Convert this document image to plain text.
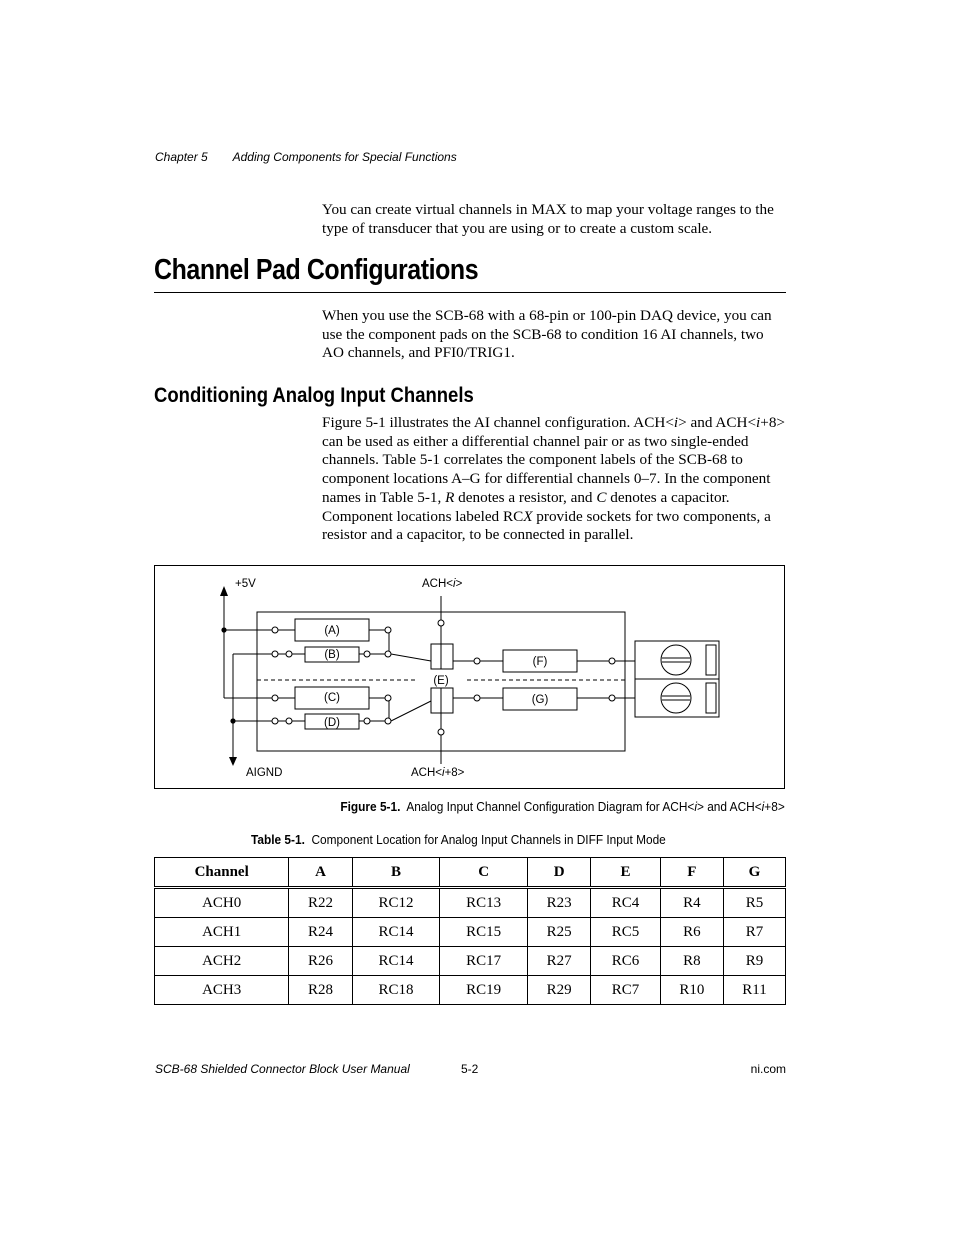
Chapter 5 Adding Components for Special Functions
You can create virtual channels in MAX to map your voltage ranges to the type of transducer that you are using or to create a custom scale.
Channel Pad Configurations
When you use the SCB-68 with a 68-pin or 100-pin DAQ device, you can use the component pads on the SCB-68 to condition 16 AI channels, two AO channels, and PFI0/TRIG1.
Conditioning Analog Input Channels
Figure 5-1 illustrates the AI channel configuration. ACH<i> and ACH<i+8> can be used as either a differential channel pair or as two single-ended channels. Table 5-1 correlates the component labels of the SCB-68 to component locations A–G for differential channels 0–7. In the component names in Table 5-1, R denotes a resistor, and C denotes a capacitor. Component locations labeled RCX provide sockets for two components, a resistor and a capacitor, to be connected in parallel.
+5V
AIGND
ACH<i>
ACH<i+8>
(A)
(B)
(C)
(D)
(E)
(F)
(G)
Figure 5-1. Analog Input Channel Configuration Diagram for ACH<i> and ACH<i+8>
Table 5-1. Component Location for Analog Input Channels in DIFF Input Mode
Channel	A	B	C	D	E	F	G
ACH0	R22	RC12	RC13	R23	RC4	R4	R5
ACH1	R24	RC14	RC15	R25	RC5	R6	R7
ACH2	R26	RC14	RC17	R27	RC6	R8	R9
ACH3	R28	RC18	RC19	R29	RC7	R10	R11
SCB-68 Shielded Connector Block User Manual	5-2	ni.com
